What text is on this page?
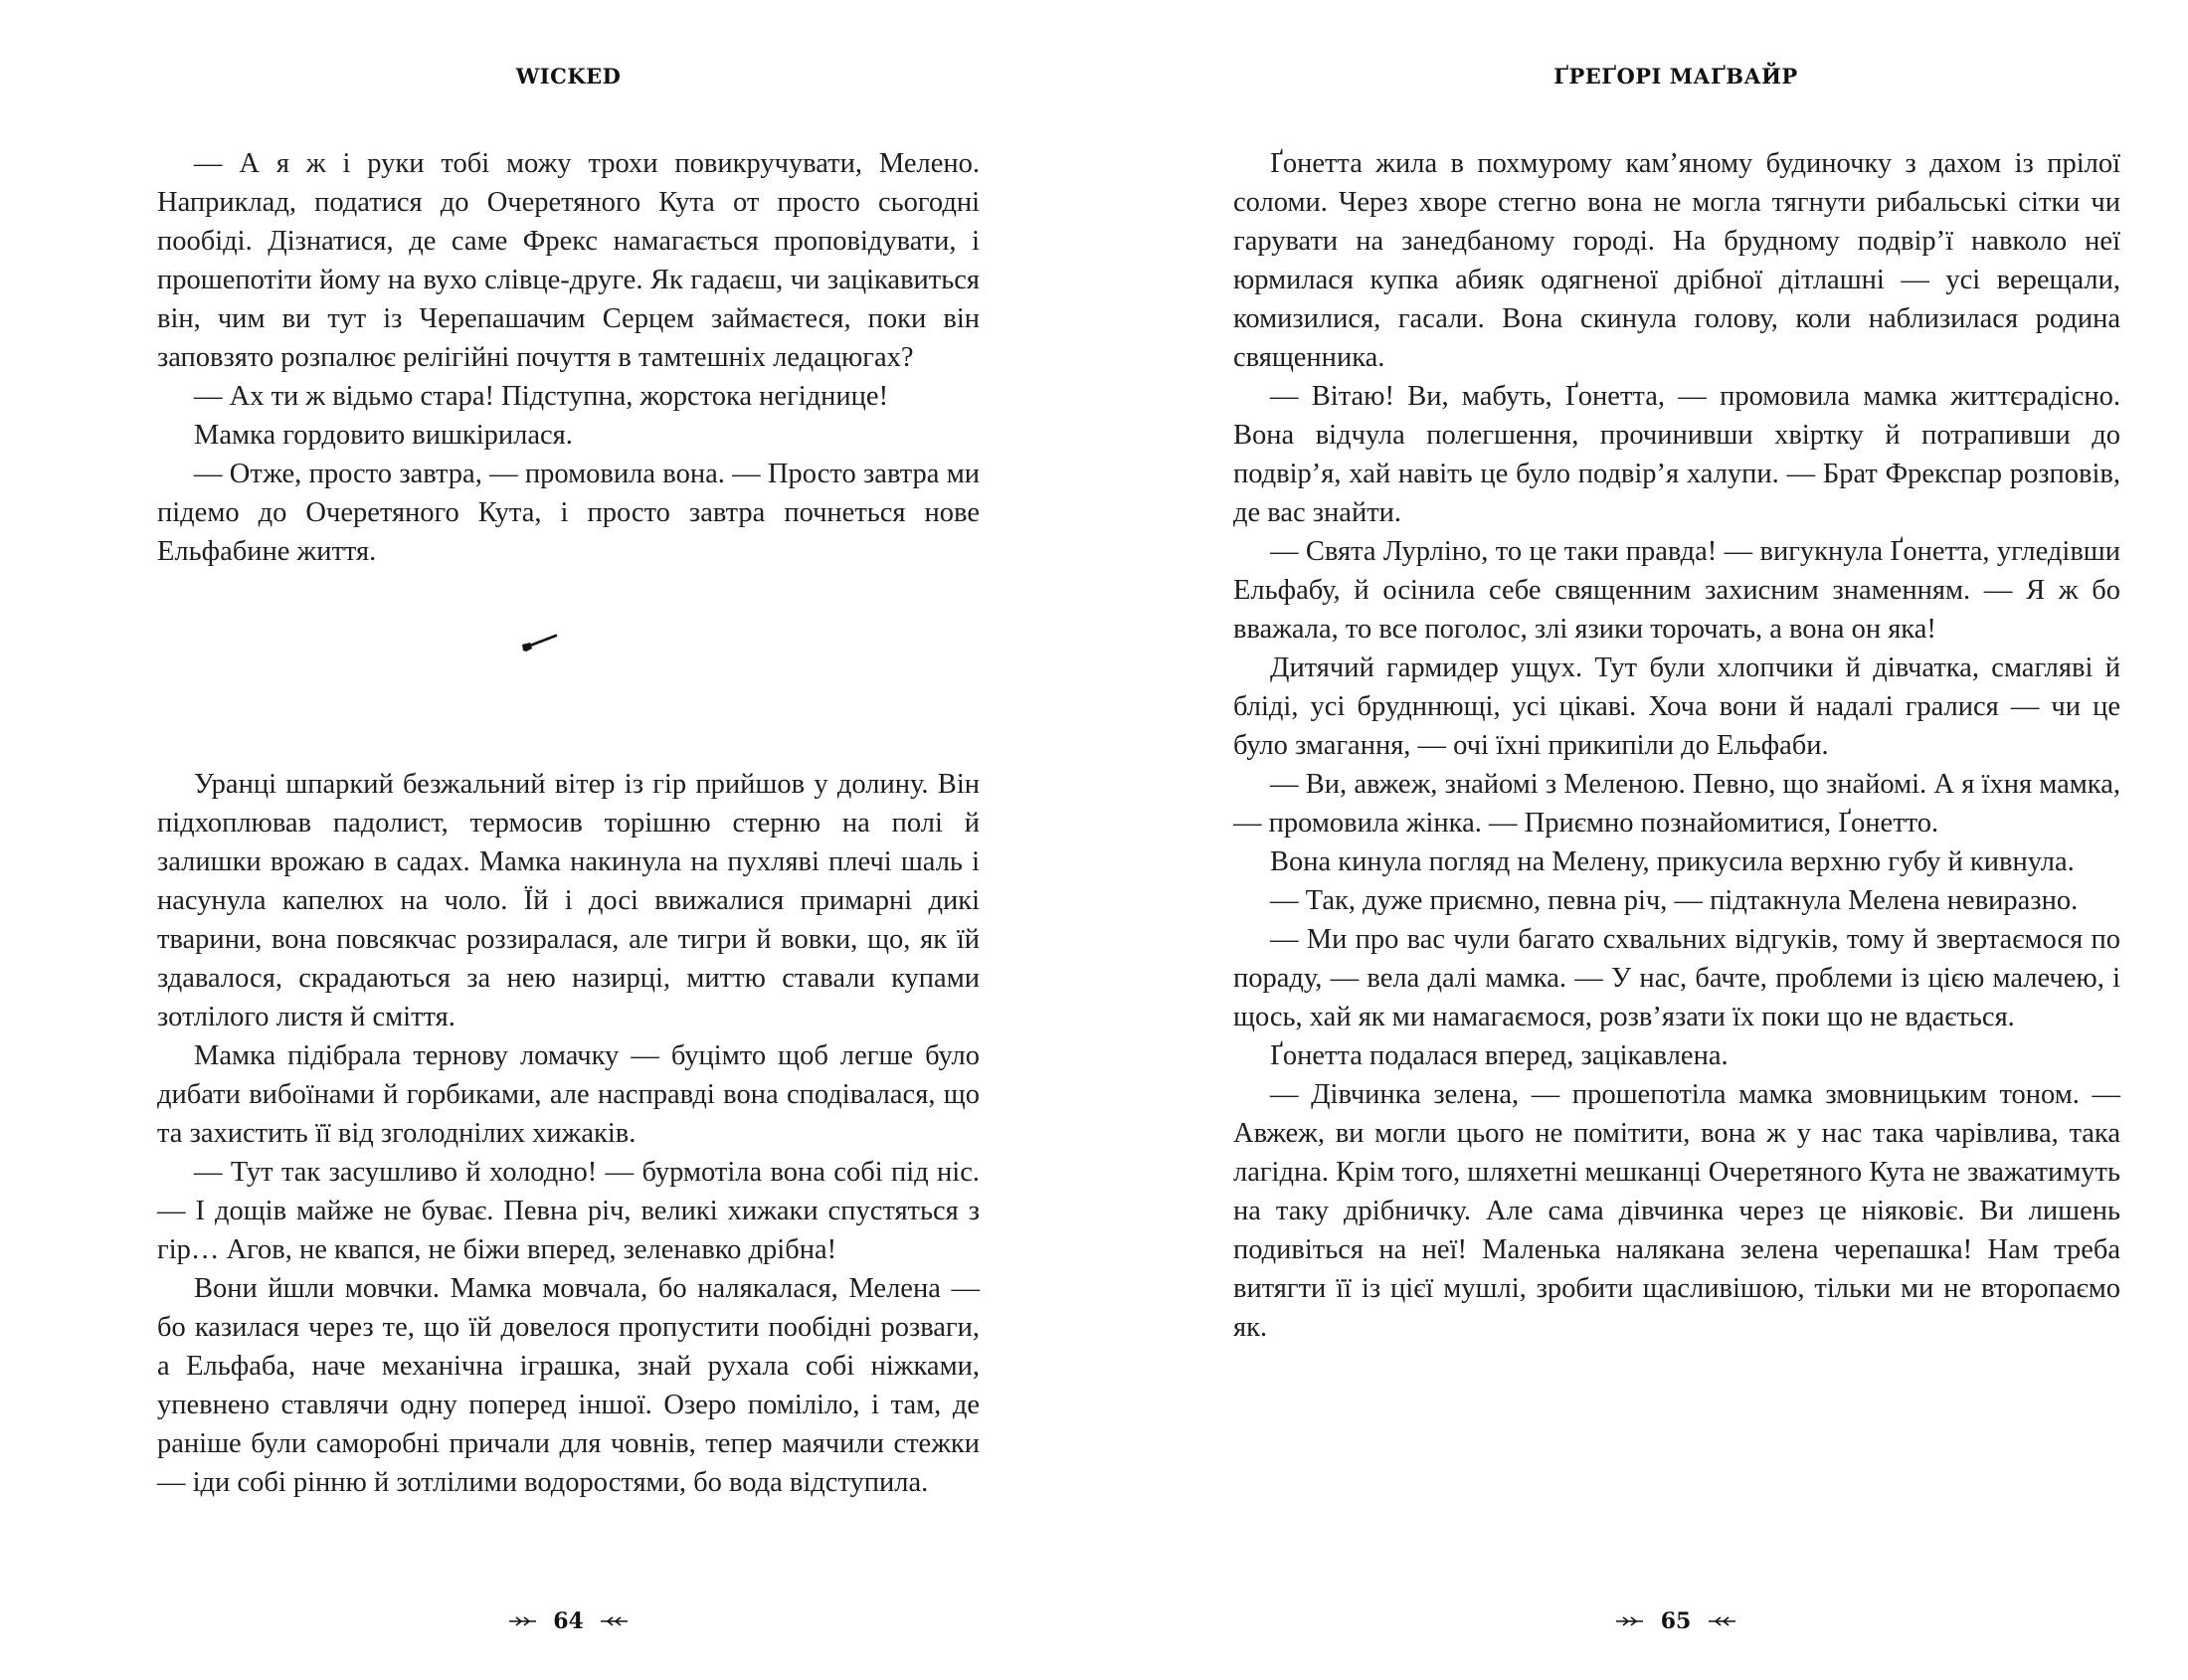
WICKED

— А я ж і руки тобі можу трохи повикручувати, Мелено. Наприклад, податися до Очеретяного Кута от просто сьогодні пообіді. Дізнатися, де саме Фрекс намагається проповідувати, і прошепотіти йому на вухо слівце-друге. Як гадаєш, чи зацікавиться він, чим ви тут із Черепашачим Серцем займаєтеся, поки він заповзято розпалює релігійні почуття в тамтешніх ледацюгах?

— Ах ти ж відьмо стара! Підступна, жорстока негіднице!

Мамка гордовито вишкірилася.

— Отже, просто завтра, — промовила вона. — Просто завтра ми підемо до Очеретяного Кута, і просто завтра почнеться нове Ельфабине життя.

Уранці шпаркий безжальний вітер із гір прийшов у долину. Він підхоплював падолист, термосив торішню стерню на полі й залишки врожаю в садах. Мамка накинула на пухляві плечі шаль і насунула капелюх на чоло. Їй і досі ввижалися примарні дикі тварини, вона повсякчас роззиралася, але тигри й вовки, що, як їй здавалося, скрадаються за нею назирці, миттю ставали купами зотлілого листя й сміття.

Мамка підібрала тернову ломачку — буцімто щоб легше було дибати вибоїнами й горбиками, але насправді вона сподівалася, що та захистить її від зголоднілих хижаків.

— Тут так засушливо й холодно! — бурмотіла вона собі під ніс. — І дощів майже не буває. Певна річ, великі хижаки спустяться з гір… Агов, не квапся, не біжи вперед, зеленавко дрібна!

Вони йшли мовчки. Мамка мовчала, бо налякалася, Мелена — бо казилася через те, що їй довелося пропустити пообідні розваги, а Ельфаба, наче механічна іграшка, знай рухала собі ніжками, упевнено ставлячи одну поперед іншої. Озеро поміліло, і там, де раніше були саморобні причали для човнів, тепер маячили стежки — іди собі рінню й зотлілими водоростями, бо вода відступила.

64
ҐРЕҐОРІ МАҐВАЙР

Ґонетта жила в похмурому кам’яному будиночку з дахом із прілої соломи. Через хворе стегно вона не могла тягнути рибальські сітки чи гарувати на занедбаному городі. На брудному подвір’ї навколо неї юрмилася купка абияк одягненої дрібної дітлашні — усі верещали, комизилися, гасали. Вона скинула голову, коли наблизилася родина священника.

— Вітаю! Ви, мабуть, Ґонетта, — промовила мамка життєрадісно. Вона відчула полегшення, прочинивши хвіртку й потрапивши до подвір’я, хай навіть це було подвір’я халупи. — Брат Фрекспар розповів, де вас знайти.

— Свята Лурліно, то це таки правда! — вигукнула Ґонетта, угледівши Ельфабу, й осінила себе священним захисним знаменням. — Я ж бо вважала, то все поголос, злі язики торочать, а вона он яка!

Дитячий гармидер ущух. Тут були хлопчики й дівчатка, смагляві й бліді, усі брудннющі, усі цікаві. Хоча вони й надалі гралися — чи це було змагання, — очі їхні прикипіли до Ельфаби.

— Ви, авжеж, знайомі з Меленою. Певно, що знайомі. А я їхня мамка, — промовила жінка. — Приємно познайомитися, Ґонетто.

Вона кинула погляд на Мелену, прикусила верхню губу й кивнула.

— Так, дуже приємно, певна річ, — підтакнула Мелена невиразно.

— Ми про вас чули багато схвальних відгуків, тому й звертаємося по пораду, — вела далі мамка. — У нас, бачте, проблеми із цією малечею, і щось, хай як ми намагаємося, розв’язати їх поки що не вдається.

Ґонетта подалася вперед, зацікавлена.

— Дівчинка зелена, — прошепотіла мамка змовницьким тоном. — Авжеж, ви могли цього не помітити, вона ж у нас така чарівлива, така лагідна. Крім того, шляхетні мешканці Очеретяного Кута не зважатимуть на таку дрібничку. Але сама дівчинка через це ніяковіє. Ви лишень подивіться на неї! Маленька налякана зелена черепашка! Нам треба витягти її із цієї мушлі, зробити щасливішою, тільки ми не второпаємо як.

65
